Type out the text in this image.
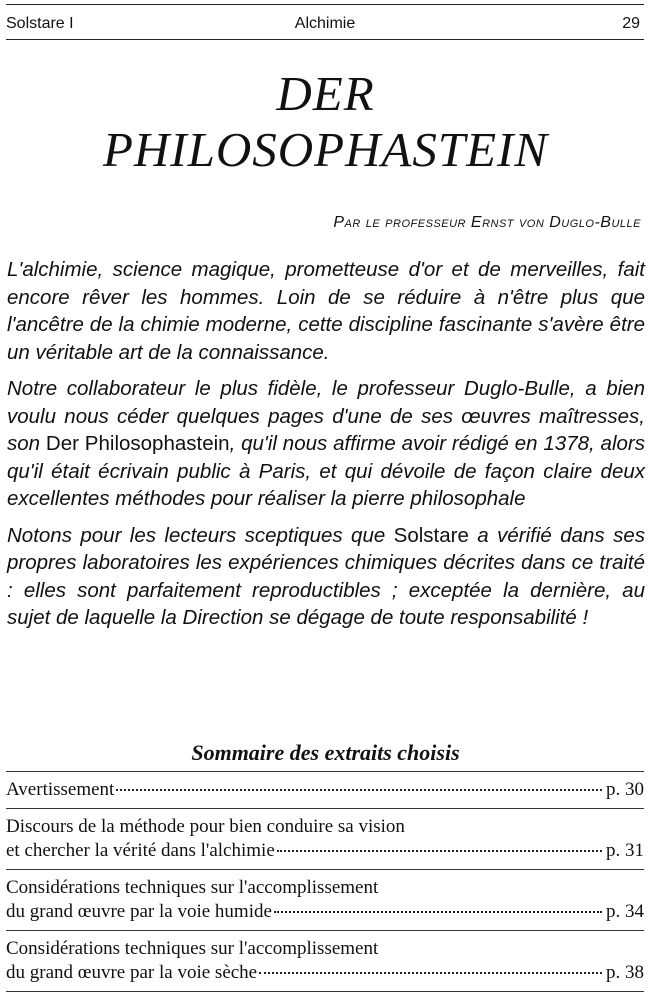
Solstare I	Alchimie	29
DER
PHILOSOPHASTEIN
Par le professeur Ernst von Duglo-Bulle

L'alchimie, science magique, prometteuse d'or et de merveilles, fait encore rêver les hommes. Loin de se réduire à n'être plus que l'ancêtre de la chimie moderne, cette discipline fascinante s'avère être un véritable art de la connaissance.

Notre collaborateur le plus fidèle, le professeur Duglo-Bulle, a bien voulu nous céder quelques pages d'une de ses œuvres maîtresses, son Der Philosophastein, qu'il nous affirme avoir rédigé en 1378, alors qu'il était écrivain public à Paris, et qui dévoile de façon claire deux excellentes méthodes pour réaliser la pierre philosophale

Notons pour les lecteurs sceptiques que Solstare a vérifié dans ses propres laboratoires les expériences chimiques décrites dans ce traité : elles sont parfaitement reproductibles ; exceptée la dernière, au sujet de laquelle la Direction se dégage de toute responsabilité !

Sommaire des extraits choisis
Avertissement	p. 30
Discours de la méthode pour bien conduire sa vision
et chercher la vérité dans l'alchimie	p. 31
Considérations techniques sur l'accomplissement
du grand œuvre par la voie humide	p. 34
Considérations techniques sur l'accomplissement
du grand œuvre par la voie sèche	p. 38
